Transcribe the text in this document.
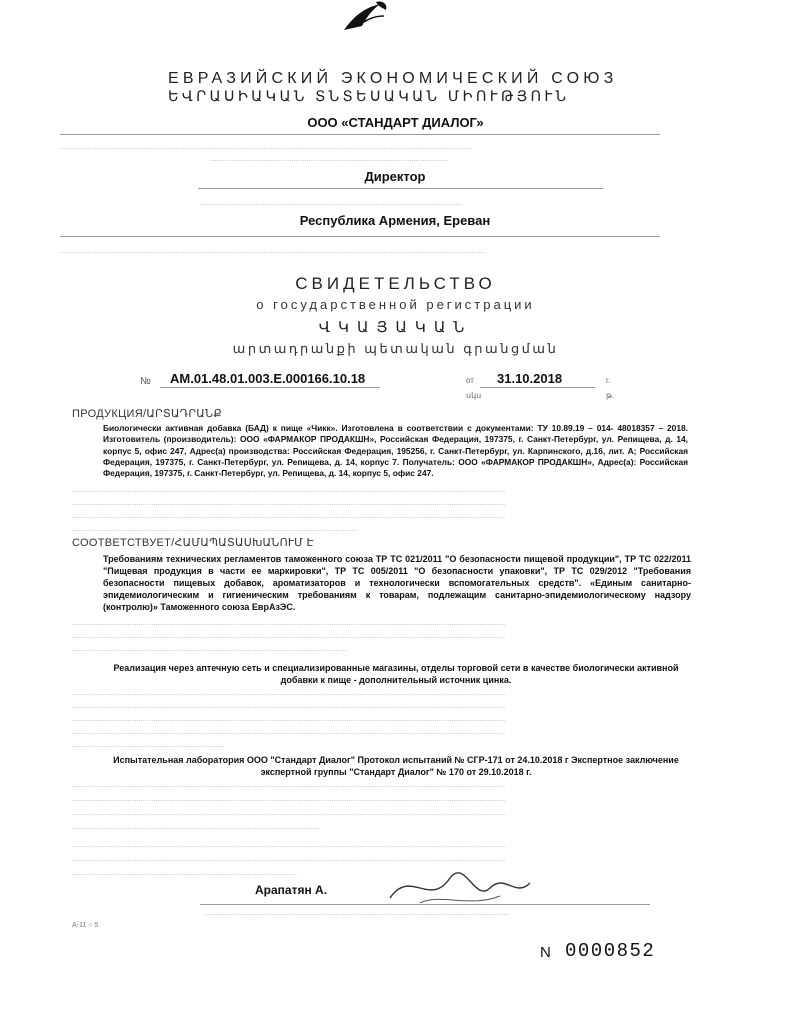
ЕВРАЗИЙСКИЙ ЭКОНОМИЧЕСКИЙ СОЮЗ
ԵՎՐԱՍԻԱԿԱՆ ՏՆՏԵՍԱԿԱՆ ՄԻՈՒԹՅՈՒՆ
ООО «СТАНДАРТ ДИАЛОГ»
................................................................................................................................................................................................
...............................................................................................................
Директор
..........................................................................................................................
Республика Армения, Ереван
......................................................................................................................................................................................................
СВИДЕТЕЛЬСТВО
о государственной регистрации
ՎԿԱՅԱԿԱՆ
արտադրանքի պետական գրանցման
№ AM.01.48.01.003.E.000166.10.18	от
սկս
31.10.2018	г.
թ.
ПРОДУКЦИЯ/ԱՐՏԱԴՐԱՆՔ
Биологически активная добавка (БАД) к пище «Чикк». Изготовлена в соответствии с документами: ТУ 10.89.19 – 014- 48018357 – 2018. Изготовитель (производитель): ООО «ФАРМАКОР ПРОДАКШН», Российская Федерация, 197375, г. Санкт-Петербург, ул. Репищева, д. 14, корпус 5, офис 247, Адрес(а) производства: Российская Федерация, 195256, г. Санкт-Петербург, ул. Карпинского, д.16, лит. А; Российская Федерация, 197375, г. Санкт-Петербург, ул. Репищева, д. 14, корпус 7. Получатель: ООО «ФАРМАКОР ПРОДАКШН», Адрес(а): Российская Федерация, 197375, г. Санкт-Петербург, ул. Репищева, д. 14, корпус 5, офис 247.
..........................................................................................................................................................................................................
..........................................................................................................................................................................................................
..........................................................................................................................................................................................................
.....................................................................................................................................
СООТВЕТСТВУЕТ/ՀԱՄԱՊԱՏԱՍԽԱՆՈՒՄ Է
Требованиям технических регламентов таможенного союза ТР ТС 021/2011 "О безопасности пищевой продукции", ТР ТС 022/2011 "Пищевая продукция в части ее маркировки", ТР ТС 005/2011 "О безопасности упаковки", ТР ТС 029/2012 "Требования безопасности пищевых добавок, ароматизаторов и технологически вспомогательных средств". «Единым санитарно-эпидемиологическим и гигиеническим требованиям к товарам, подлежащим санитарно-эпидемиологическому надзору (контролю)» Таможенного союза ЕврАзЭС.
..........................................................................................................................................................................................................
..........................................................................................................................................................................................................
................................................................................................................................
Реализация через аптечную сеть и специализированные магазины, отделы торговой сети в качестве биологически активной добавки к пище - дополнительный источник цинка.
..........................................................................................................................................................................................................
..........................................................................................................................................................................................................
..........................................................................................................................................................................................................
..........................................................................................................................................................................................................
.......................................................................
Испытательная лаборатория ООО "Стандарт Диалог" Протокол испытаний № СГР-171 от 24.10.2018 г Экспертное заключение экспертной группы "Стандарт Диалог" № 170 от 29.10.2018 г.
..........................................................................................................................................................................................................
..........................................................................................................................................................................................................
..........................................................................................................................................................................................................
...................................................................................................................
..........................................................................................................................................................................................................
..........................................................................................................................................................................................................
.........................................................................................................
Арапатян А.
..............................................................................................................................................
А-11 ○ 5
N 0000852
